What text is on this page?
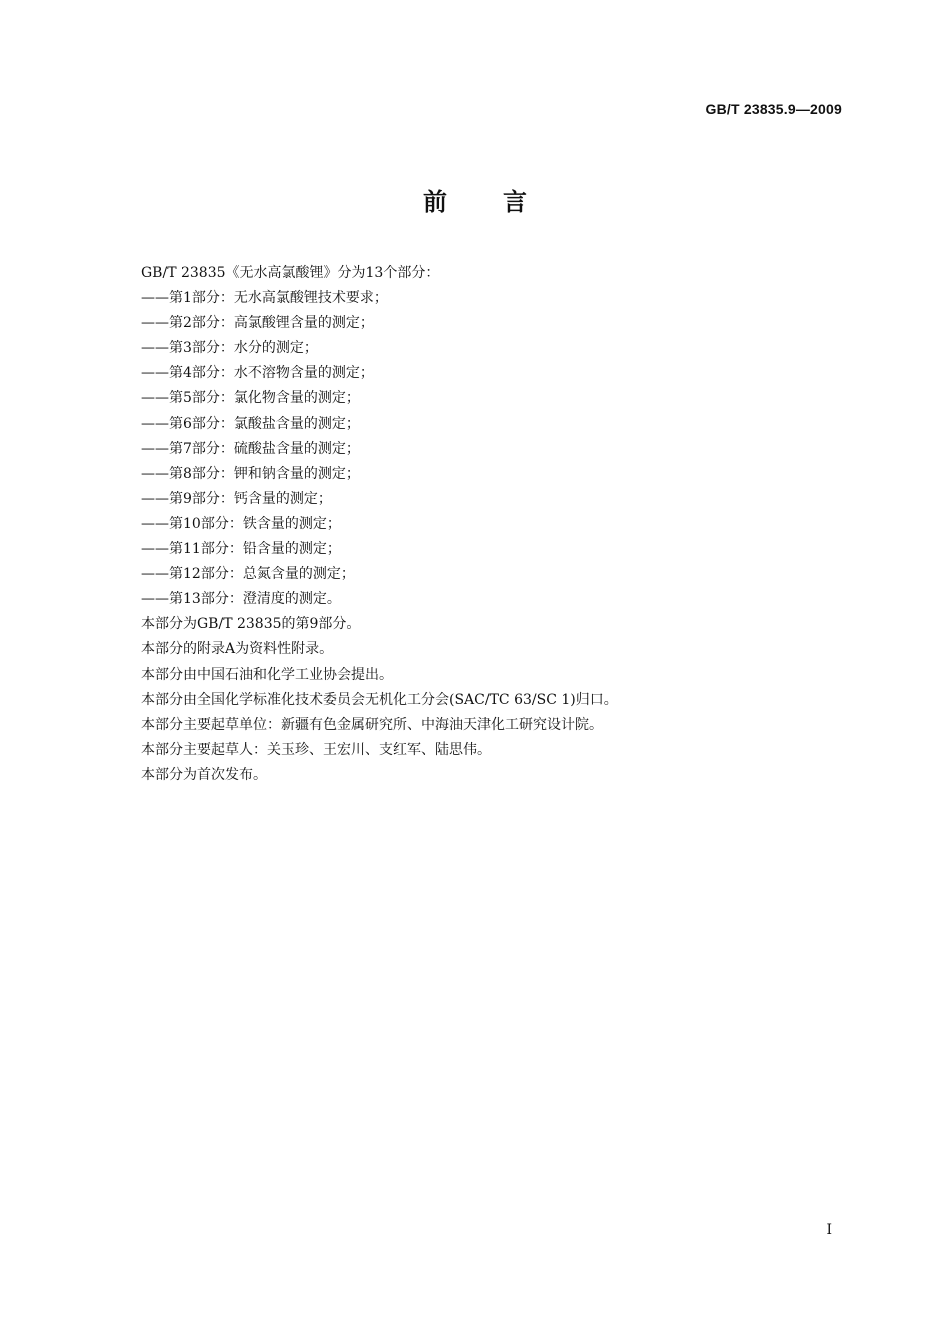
GB/T 23835.9—2009
前言
GB/T 23835《无水高氯酸锂》分为13个部分：
——第1部分：无水高氯酸锂技术要求；
——第2部分：高氯酸锂含量的测定；
——第3部分：水分的测定；
——第4部分：水不溶物含量的测定；
——第5部分：氯化物含量的测定；
——第6部分：氯酸盐含量的测定；
——第7部分：硫酸盐含量的测定；
——第8部分：钾和钠含量的测定；
——第9部分：钙含量的测定；
——第10部分：铁含量的测定；
——第11部分：铅含量的测定；
——第12部分：总氮含量的测定；
——第13部分：澄清度的测定。
本部分为GB/T 23835的第9部分。
本部分的附录A为资料性附录。
本部分由中国石油和化学工业协会提出。
本部分由全国化学标准化技术委员会无机化工分会(SAC/TC 63/SC 1)归口。
本部分主要起草单位：新疆有色金属研究所、中海油天津化工研究设计院。
本部分主要起草人：关玉珍、王宏川、支红军、陆思伟。
本部分为首次发布。
I
